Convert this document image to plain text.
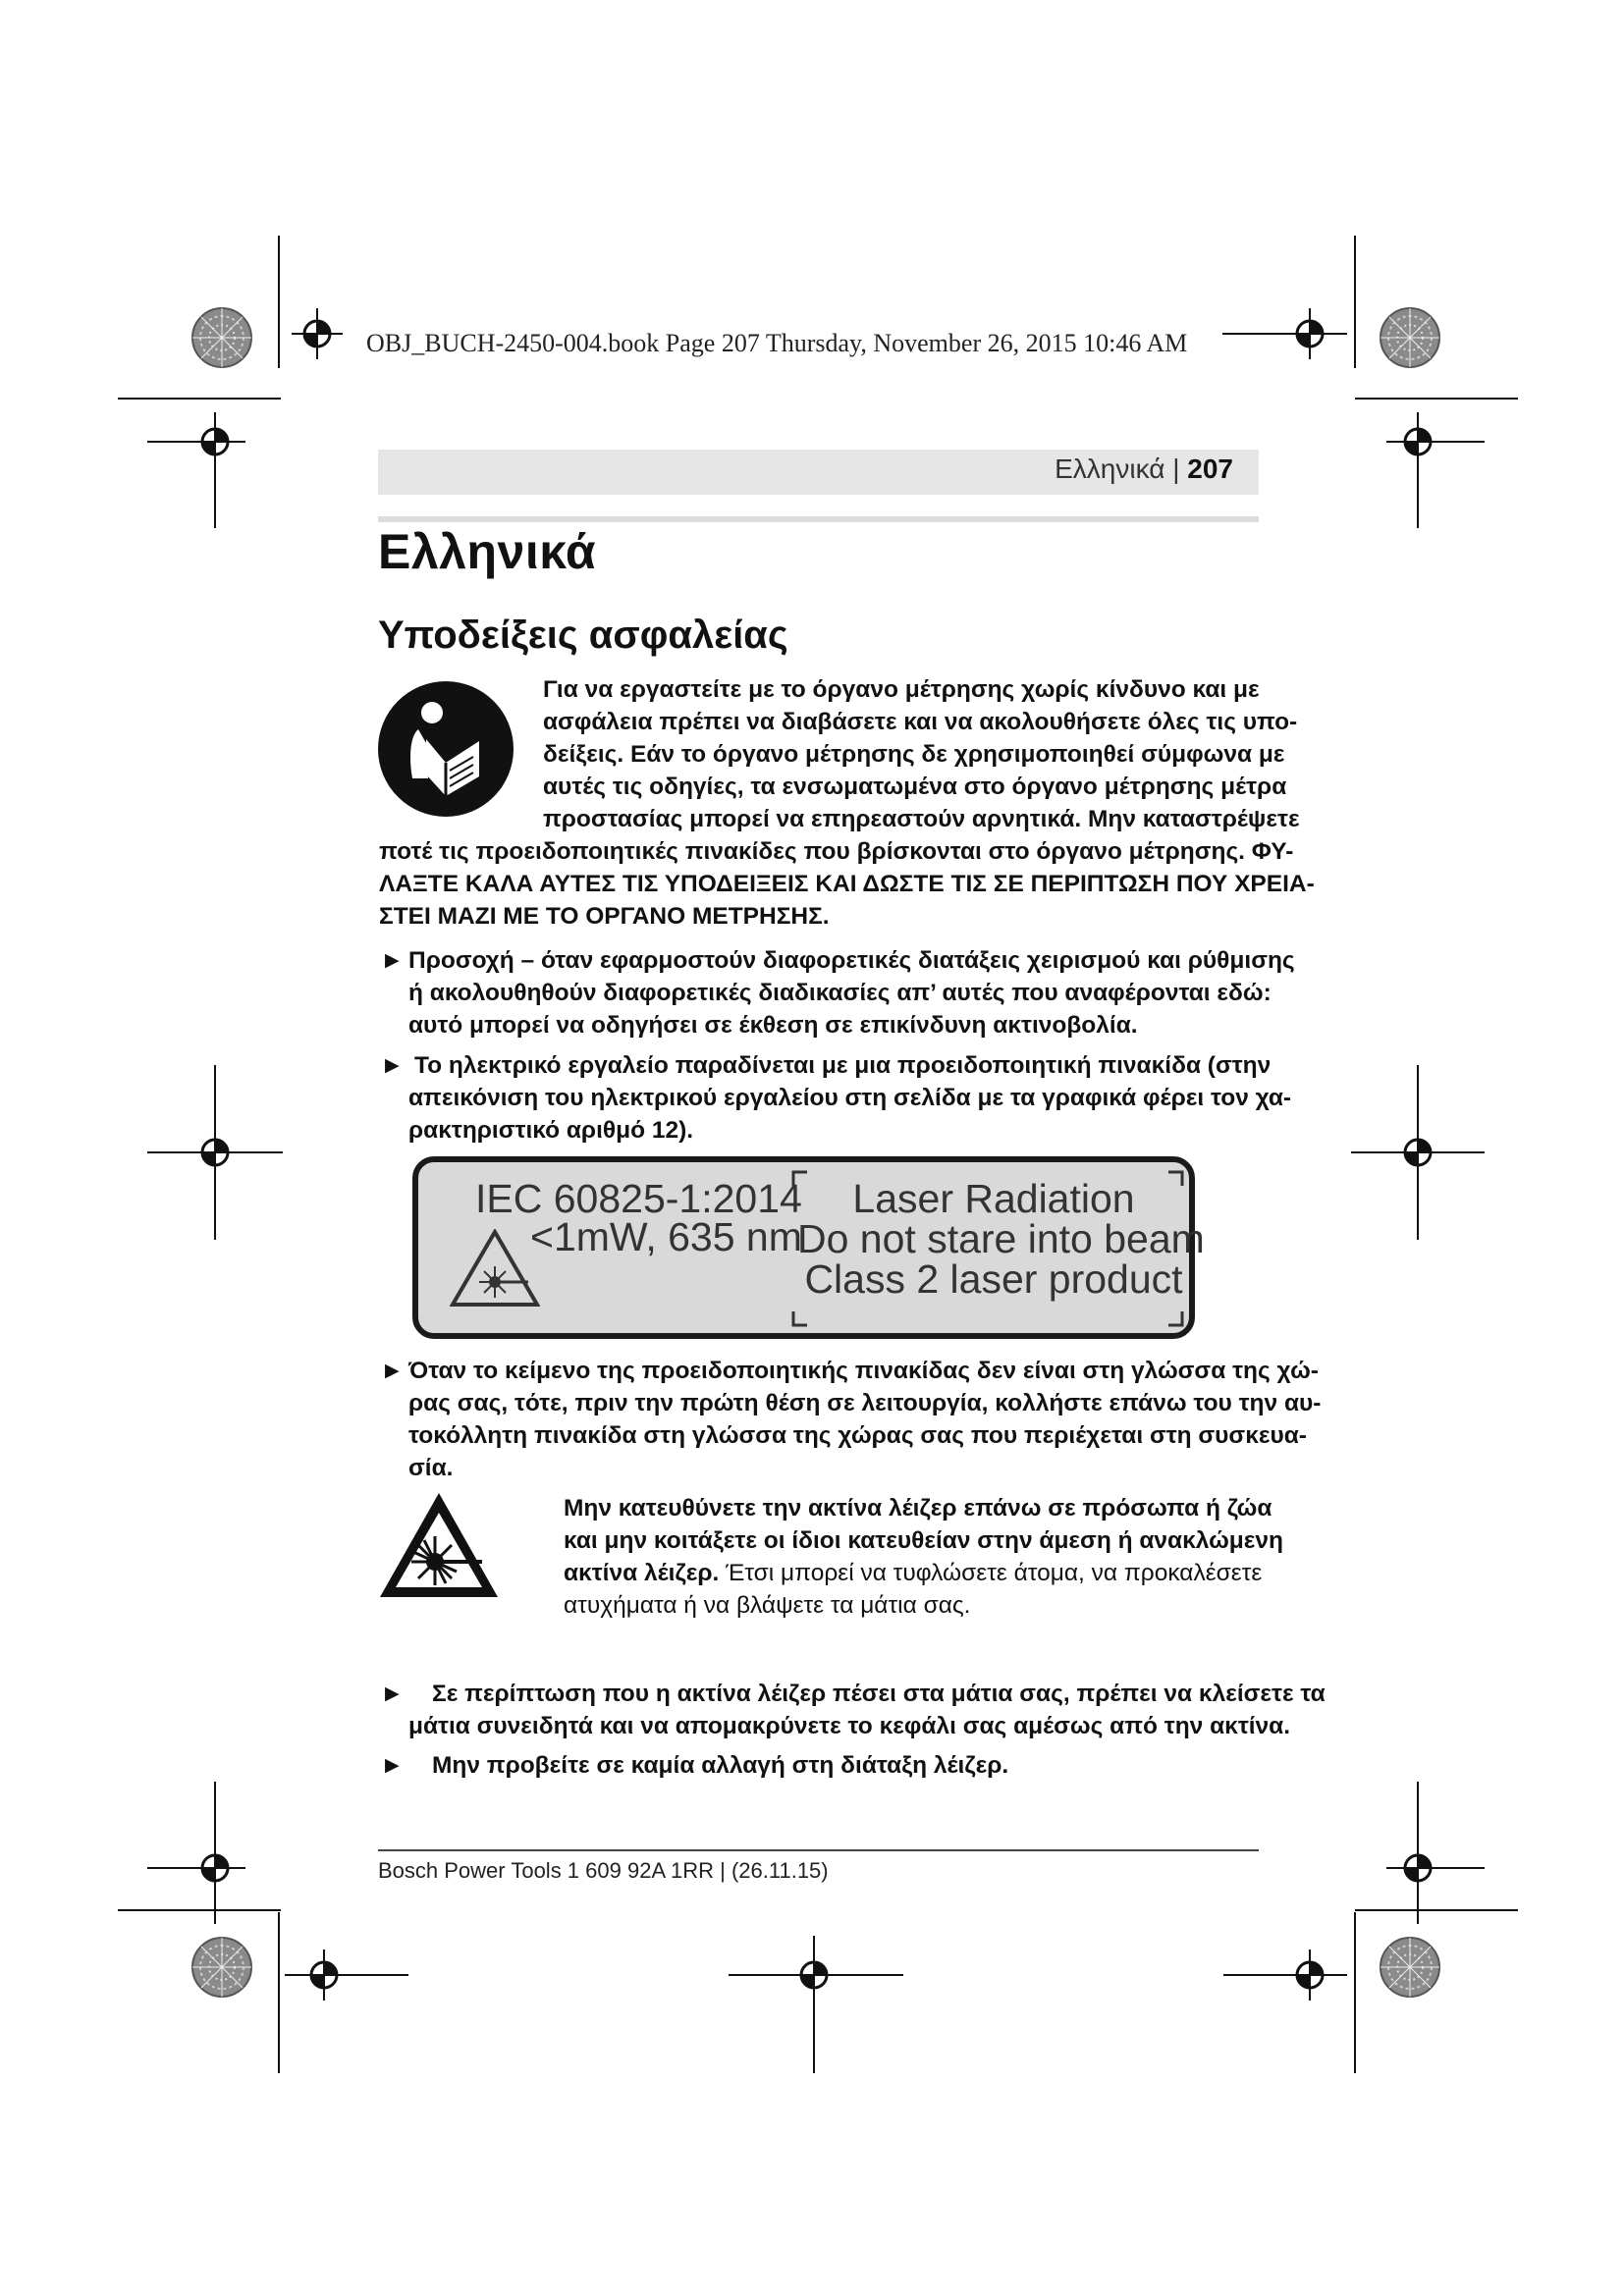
OBJ_BUCH-2450-004.book Page 207 Thursday, November 26, 2015 10:46 AM
Ελληνικά | 207
Ελληνικά
Υποδείξεις ασφαλείας
Για να εργαστείτε με το όργανο μέτρησης χωρίς κίνδυνο και με
ασφάλεια πρέπει να διαβάσετε και να ακολουθήσετε όλες τις υπο-
δείξεις. Εάν το όργανο μέτρησης δε χρησιμοποιηθεί σύμφωνα με
αυτές τις οδηγίες, τα ενσωματωμένα στο όργανο μέτρησης μέτρα
προστασίας μπορεί να επηρεαστούν αρνητικά. Μην καταστρέψετε
ποτέ τις προειδοποιητικές πινακίδες που βρίσκονται στο όργανο μέτρησης. ΦΥ-
ΛΑΞΤΕ ΚΑΛΑ ΑΥΤΕΣ ΤΙΣ ΥΠΟΔΕΙΞΕΙΣ ΚΑΙ ΔΩΣΤΕ ΤΙΣ ΣΕ ΠΕΡΙΠΤΩΣΗ ΠΟΥ ΧΡΕΙΑ-
ΣΤΕΙ ΜΑΖΙ ΜΕ ΤΟ ΟΡΓΑΝΟ ΜΕΤΡΗΣΗΣ.
▶ Προσοχή – όταν εφαρμοστούν διαφορετικές διατάξεις χειρισμού και ρύθμισης
ή ακολουθηθούν διαφορετικές διαδικασίες απ’ αυτές που αναφέρονται εδώ:
αυτό μπορεί να οδηγήσει σε έκθεση σε επικίνδυνη ακτινοβολία.
▶ Το ηλεκτρικό εργαλείο παραδίνεται με μια προειδοποιητική πινακίδα (στην
απεικόνιση του ηλεκτρικού εργαλείου στη σελίδα με τα γραφικά φέρει τον χα-
ρακτηριστικό αριθμό 12).
IEC 60825-1:2014
<1mW, 635 nm
Laser Radiation
Do not stare into beam
Class 2 laser product
▶ Όταν το κείμενο της προειδοποιητικής πινακίδας δεν είναι στη γλώσσα της χώ-
ρας σας, τότε, πριν την πρώτη θέση σε λειτουργία, κολλήστε επάνω του την αυ-
τοκόλλητη πινακίδα στη γλώσσα της χώρας σας που περιέχεται στη συσκευα-
σία.
Μην κατευθύνετε την ακτίνα λέιζερ επάνω σε πρόσωπα ή ζώα
και μην κοιτάξετε οι ίδιοι κατευθείαν στην άμεση ή ανακλώμενη
ακτίνα λέιζερ. Έτσι μπορεί να τυφλώσετε άτομα, να προκαλέσετε
ατυχήματα ή να βλάψετε τα μάτια σας.
▶ Σε περίπτωση που η ακτίνα λέιζερ πέσει στα μάτια σας, πρέπει να κλείσετε τα
μάτια συνειδητά και να απομακρύνετε το κεφάλι σας αμέσως από την ακτίνα.
▶ Μην προβείτε σε καμία αλλαγή στη διάταξη λέιζερ.
Bosch Power Tools 1 609 92A 1RR | (26.11.15)
